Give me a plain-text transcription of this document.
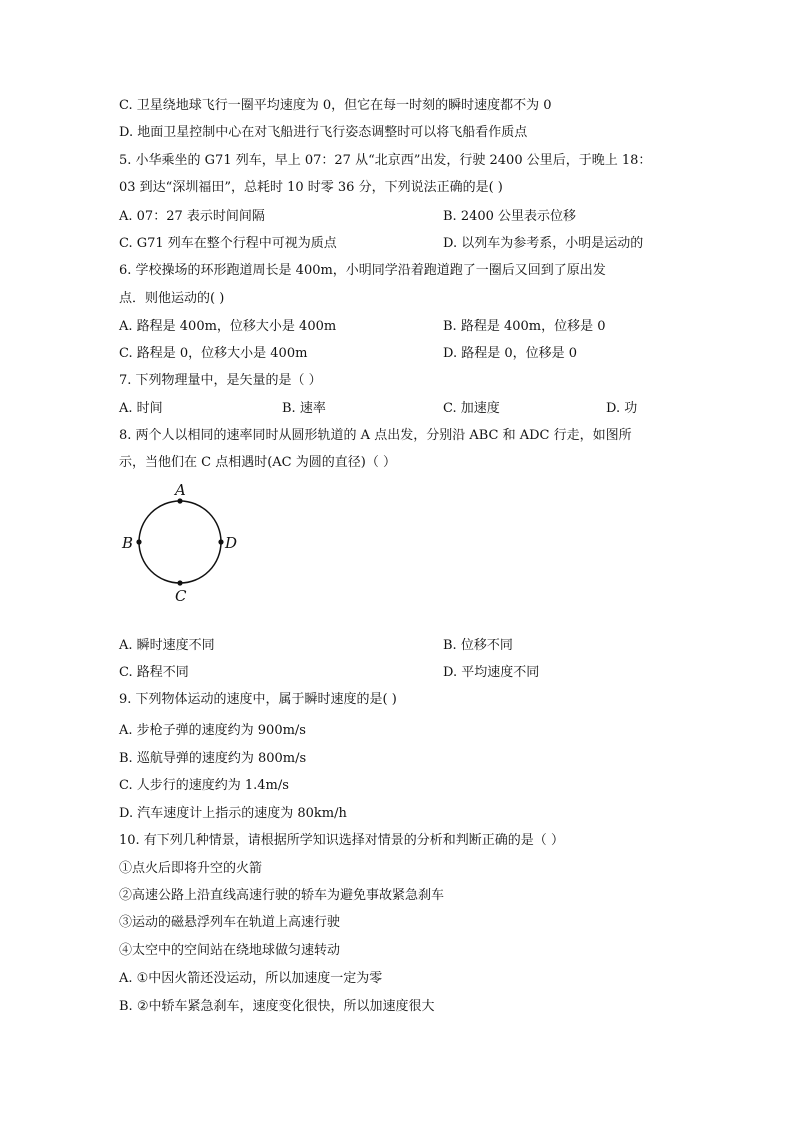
C. 卫星绕地球飞行一圈平均速度为 0，但它在每一时刻的瞬时速度都不为 0
D. 地面卫星控制中心在对飞船进行飞行姿态调整时可以将飞船看作质点
5. 小华乘坐的 G71 列车，早上 07：27 从“北京西”出发，行驶 2400 公里后，于晚上 18：
03 到达“深圳福田”，总耗时 10 时零 36 分，下列说法正确的是( )
A. 07：27 表示时间间隔	B. 2400 公里表示位移
C. G71 列车在整个行程中可视为质点	D. 以列车为参考系，小明是运动的
6. 学校操场的环形跑道周长是 400m，小明同学沿着跑道跑了一圈后又回到了原出发
点．则他运动的( )
A. 路程是 400m，位移大小是 400m	B. 路程是 400m，位移是 0
C. 路程是 0，位移大小是 400m	D. 路程是 0，位移是 0
7. 下列物理量中，是矢量的是（ ）
A. 时间	B. 速率	C. 加速度	D. 功
8. 两个人以相同的速率同时从圆形轨道的 A 点出发，分别沿 ABC 和 ADC 行走，如图所
示，当他们在 C 点相遇时(AC 为圆的直径)（ ）
A
B
C
D
A. 瞬时速度不同	B. 位移不同
C. 路程不同	D. 平均速度不同
9. 下列物体运动的速度中，属于瞬时速度的是( )
A. 步枪子弹的速度约为 900m/s
B. 巡航导弹的速度约为 800m/s
C. 人步行的速度约为 1.4m/s
D. 汽车速度计上指示的速度为 80km/h
10. 有下列几种情景，请根据所学知识选择对情景的分析和判断正确的是（ ）
①点火后即将升空的火箭
②高速公路上沿直线高速行驶的轿车为避免事故紧急刹车
③运动的磁悬浮列车在轨道上高速行驶
④太空中的空间站在绕地球做匀速转动
A. ①中因火箭还没运动，所以加速度一定为零
B. ②中轿车紧急刹车，速度变化很快，所以加速度很大
